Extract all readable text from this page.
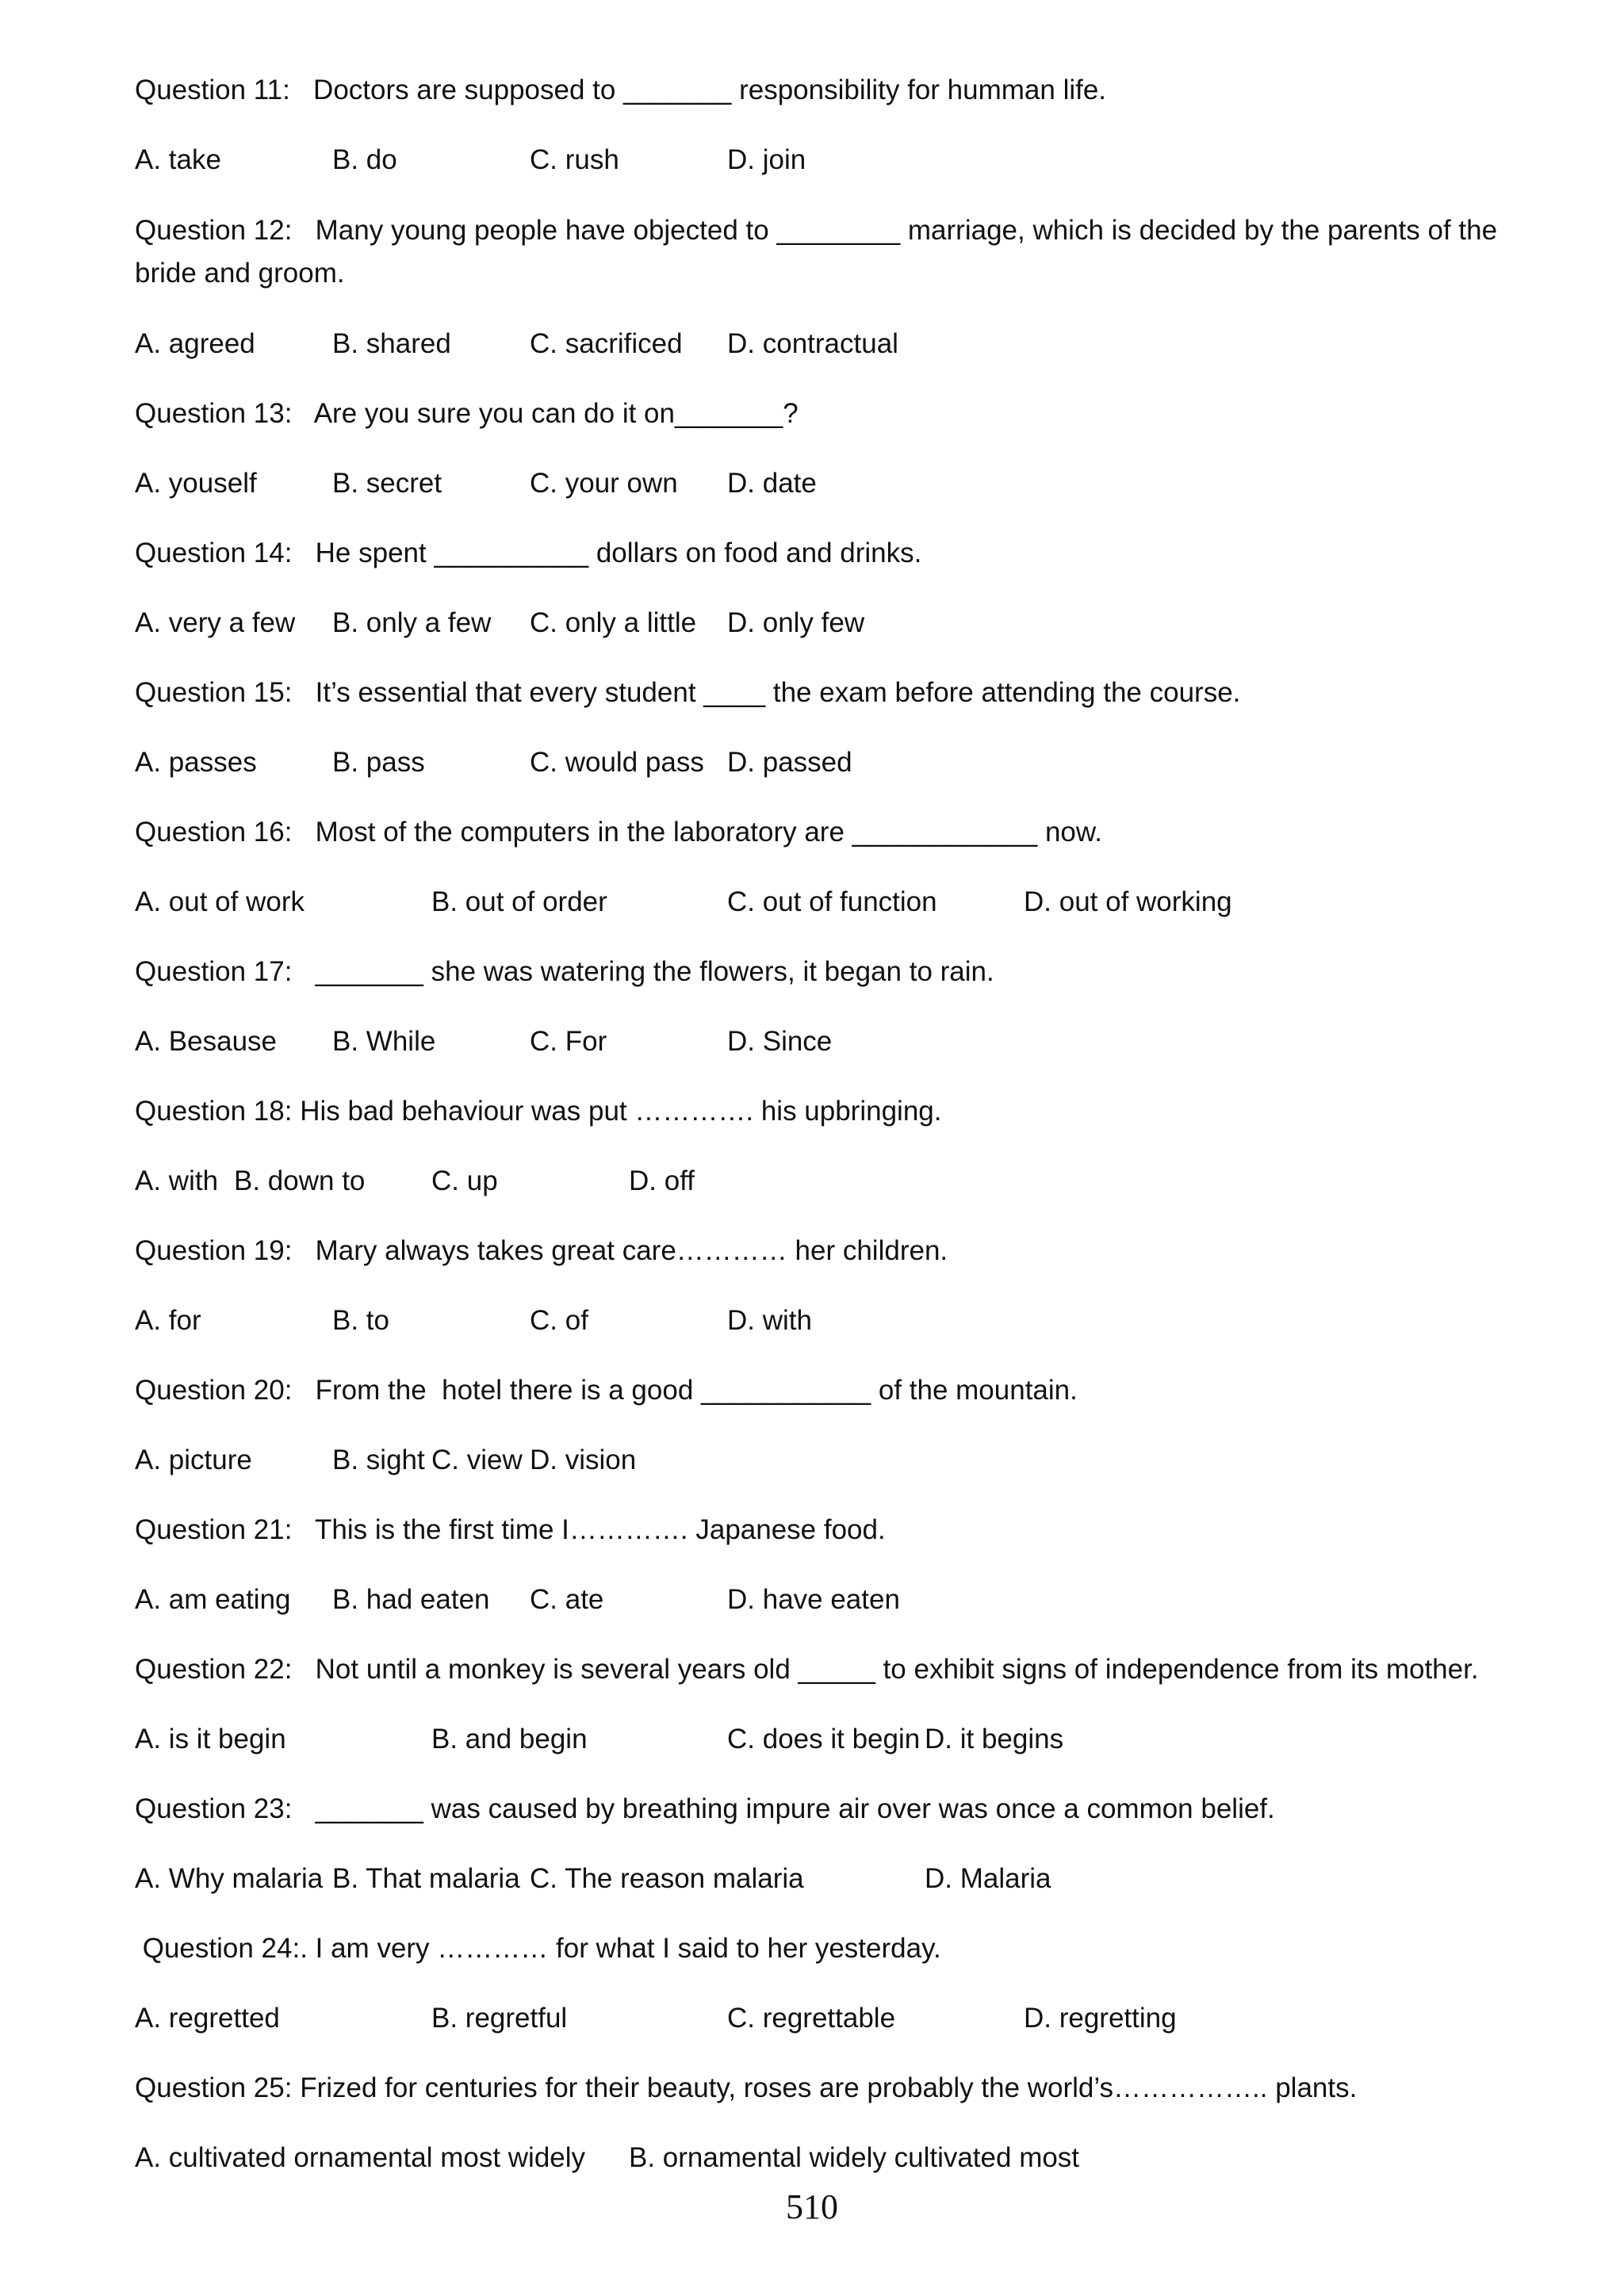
Question 11:   Doctors are supposed to _______ responsibility for humman life.

A. take	B. do	C. rush	D. join

Question 12:   Many young people have objected to ________ marriage, which is decided by the parents of the bride and groom.

A. agreed	B. shared	C. sacrificed D. contractual

Question 13:   Are you sure you can do it on_______?

A. youself	B. secret	C. your own D. date

Question 14:   He spent __________ dollars on food and drinks.

A. very a few B. only a few C. only a little D. only few

Question 15:   It’s essential that every student ____ the exam before attending the course.

A. passes	B. pass	C. would pass D. passed

Question 16:   Most of the computers in the laboratory are ____________ now.

A. out of work	B. out of order	C. out of function	D. out of working

Question 17:   _______ she was watering the flowers, it began to rain.

A. Besause B. While	C. For	D. Since

Question 18: His bad behaviour was put …………. his upbringing.

A. with B. down to C. up	D. off

Question 19:   Mary always takes great care………… her children.

A. for	B. to	C. of	D. with

Question 20:   From the  hotel there is a good ___________ of the mountain.

A. picture	B. sight C. view D. vision

Question 21:   This is the first time I…………. Japanese food.

A. am eating B. had eaten C. ate	D. have eaten

Question 22:   Not until a monkey is several years old _____ to exhibit signs of independence from its mother.

A. is it begin	B. and begin	C. does it begin D. it begins

Question 23:   _______ was caused by breathing impure air over was once a common belief.

A. Why malaria B. That malaria C. The reason malaria	D. Malaria

Question 24:. I am very ………… for what I said to her yesterday.

A. regretted	B. regretful	C. regrettable	D. regretting

Question 25: Frized for centuries for their beauty, roses are probably the world’s…………….. plants.

A. cultivated ornamental most widely B. ornamental widely cultivated most
510
